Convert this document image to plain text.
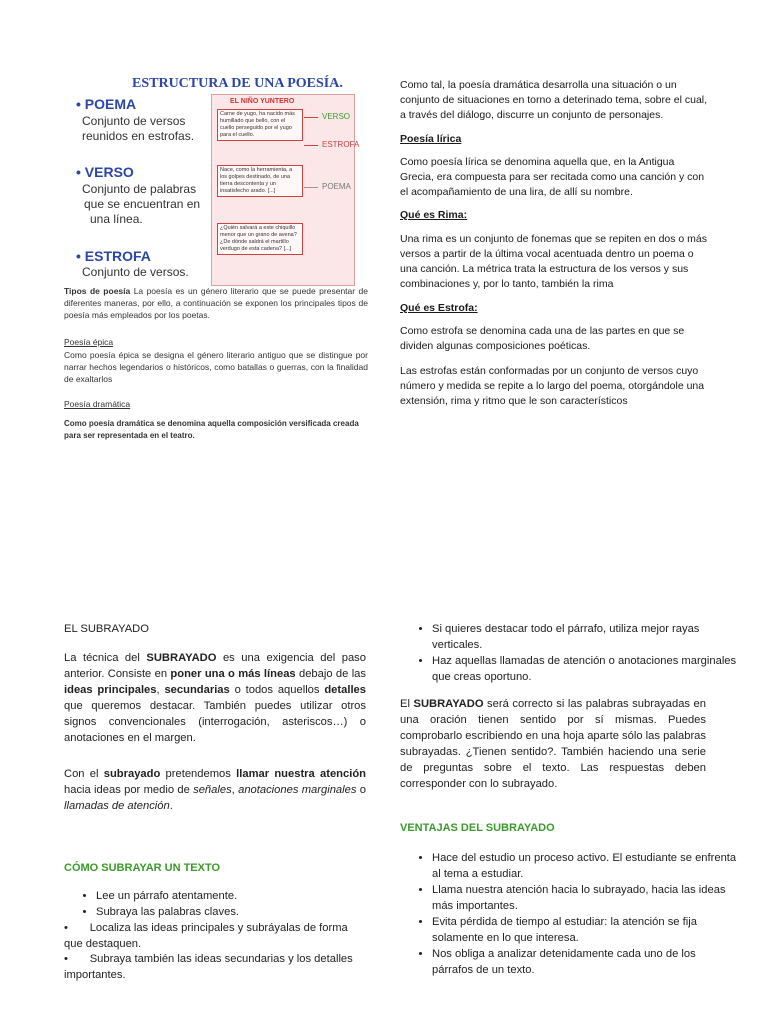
ESTRUCTURA DE UNA POESÍA.
• POEMA
Conjunto de versos
reunidos en estrofas.
• VERSO
Conjunto de palabras
que se encuentran en
una línea.
• ESTROFA
Conjunto de versos.
EL NIÑO YUNTERO
Carne de yugo, ha nacido más humillado que bello, con el cuello perseguido por el yugo para el cuello.
Nace, como la herramienta, a los golpes destinado, de una tierra descontenta y un insatisfecho arado. [...]
¿Quién salvará a este chiquillo menor que un grano de avena? ¿De dónde saldrá el martillo verdugo de esta cadena? [...]
VERSO
ESTROFA
POEMA
Tipos de poesía La poesía es un género literario que se puede presentar de diferentes maneras, por ello, a continuación se exponen los principales tipos de poesía más empleados por los poetas.
Poesía épica
Como poesía épica se designa el género literario antiguo que se distingue por narrar hechos legendarios o históricos, como batallas o guerras, con la finalidad de exaltarlos
Poesía dramática
Como poesía dramática se denomina aquella composición versificada creada para ser representada en el teatro.
Como tal, la poesía dramática desarrolla una situación o un conjunto de situaciones en torno a deterinado tema, sobre el cual, a través del diálogo, discurre un conjunto de personajes.
Poesía lírica
Como poesía lírica se denomina aquella que, en la Antigua Grecia, era compuesta para ser recitada como una canción y con el acompañamiento de una lira, de allí su nombre.
Qué es Rima:
Una rima es un conjunto de fonemas que se repiten en dos o más versos a partir de la última vocal acentuada dentro un poema o una canción. La métrica trata la estructura de los versos y sus combinaciones y, por lo tanto, también la rima
Qué es Estrofa:
Como estrofa se denomina cada una de las partes en que se dividen algunas composiciones poéticas.
Las estrofas están conformadas por un conjunto de versos cuyo número y medida se repite a lo largo del poema, otorgándole una extensión, rima y ritmo que le son característicos
EL SUBRAYADO
La técnica del SUBRAYADO es una exigencia del paso anterior. Consiste en poner una o más líneas debajo de las ideas principales, secundarias o todos aquellos detalles que queremos destacar. También puedes utilizar otros signos convencionales (interrogación, asteriscos…) o anotaciones en el margen.
Con el subrayado pretendemos llamar nuestra atención hacia ideas por medio de señales, anotaciones marginales o llamadas de atención.
CÓMO SUBRAYAR UN TEXTO
• Lee un párrafo atentamente.
• Subraya las palabras claves.
•       Localiza las ideas principales y subráyalas de forma que destaquen.
•       Subraya también las ideas secundarias y los detalles importantes.
• Si quieres destacar todo el párrafo, utiliza mejor rayas verticales.
• Haz aquellas llamadas de atención o anotaciones marginales que creas oportuno.
El SUBRAYADO será correcto si las palabras subrayadas en una oración tienen sentido por sí mismas. Puedes comprobarlo escribiendo en una hoja aparte sólo las palabras subrayadas. ¿Tienen sentido?. También haciendo una serie de preguntas sobre el texto. Las respuestas deben corresponder con lo subrayado.
VENTAJAS DEL SUBRAYADO
• Hace del estudio un proceso activo. El estudiante se enfrenta al tema a estudiar.
• Llama nuestra atención hacia lo subrayado, hacia las ideas más importantes.
• Evita pérdida de tiempo al estudiar: la atención se fija solamente en lo que interesa.
• Nos obliga a analizar detenidamente cada uno de los párrafos de un texto.
